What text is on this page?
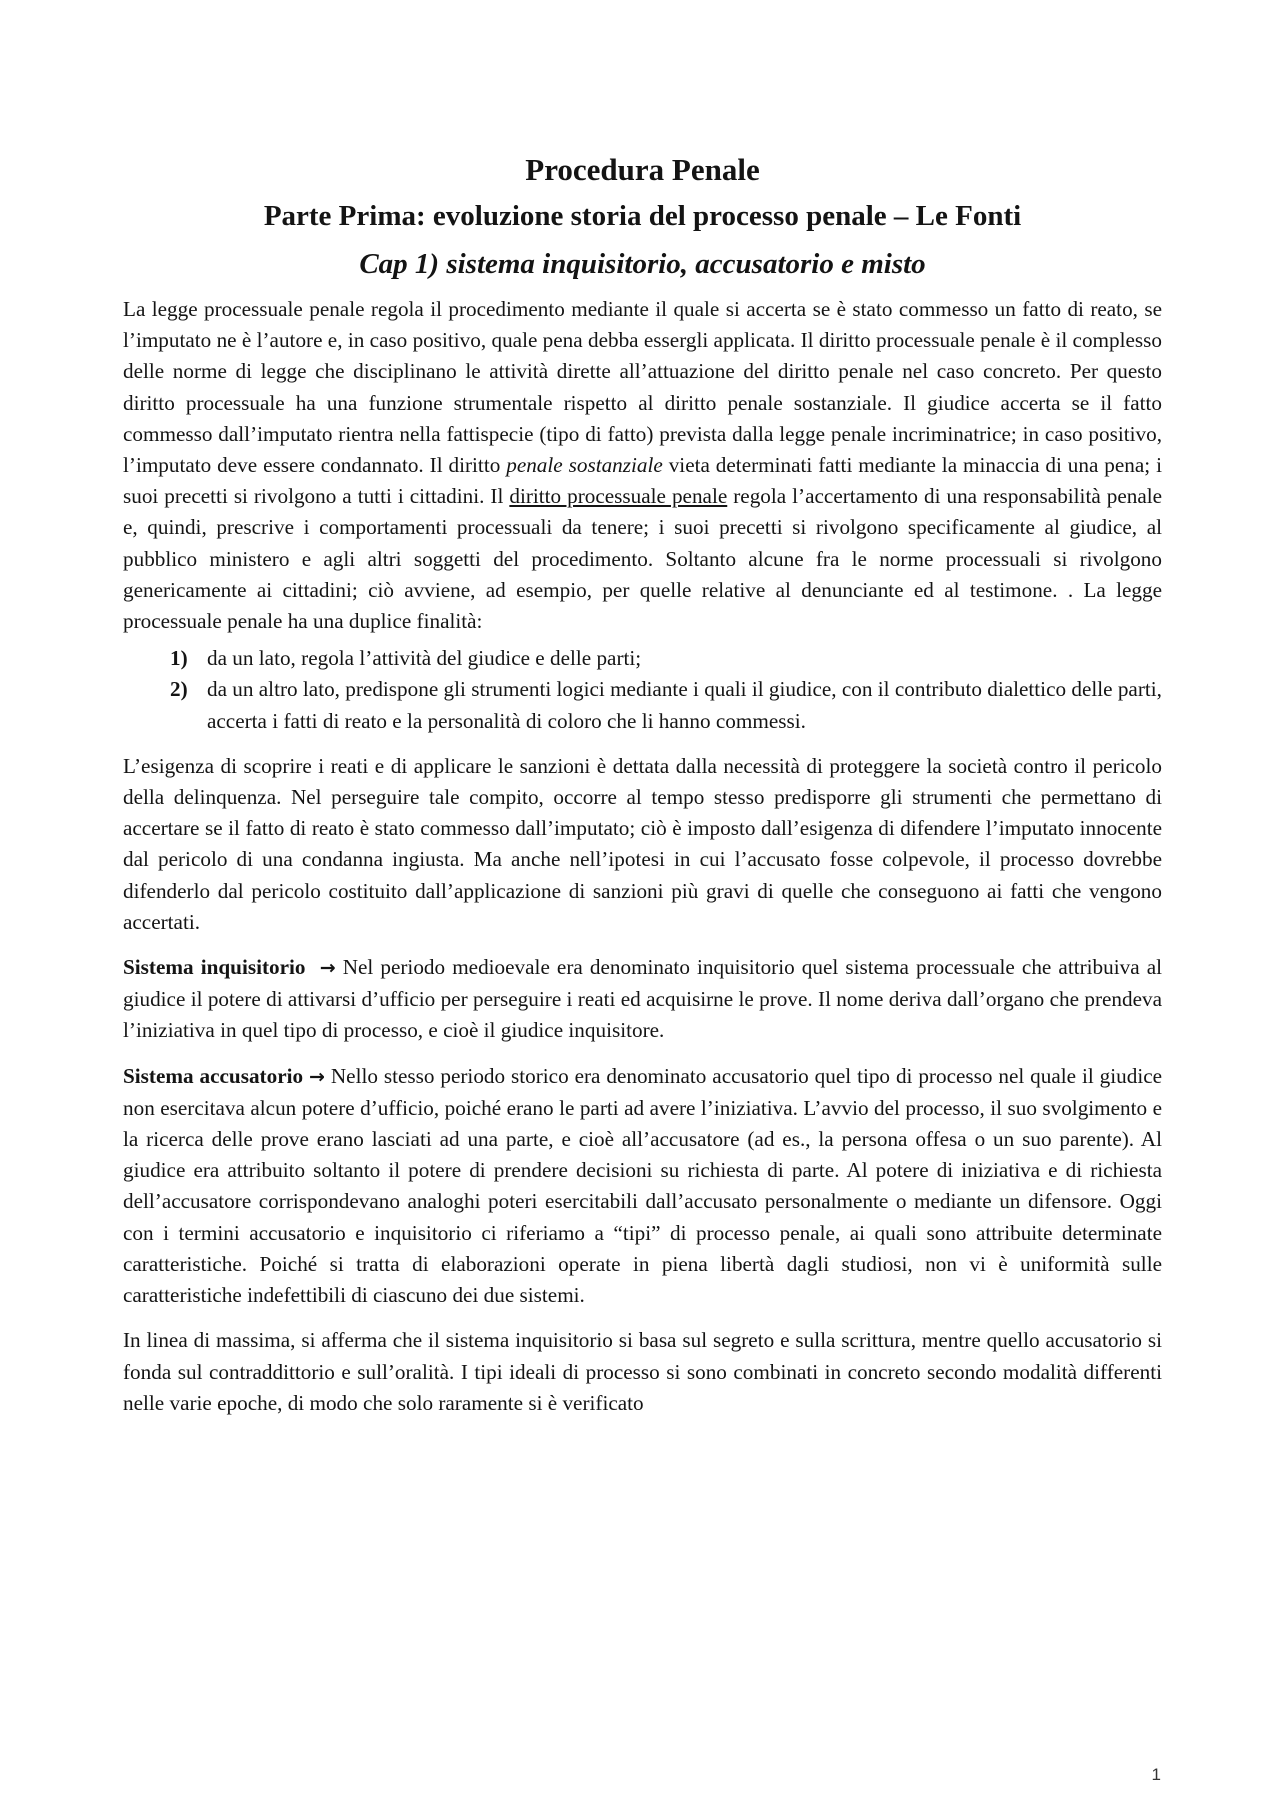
Procedura Penale
Parte Prima: evoluzione storia del processo penale – Le Fonti
Cap 1) sistema inquisitorio, accusatorio e misto

La legge processuale penale regola il procedimento mediante il quale si accerta se è stato commesso un fatto di reato, se l’imputato ne è l’autore e, in caso positivo, quale pena debba essergli applicata. Il diritto processuale penale è il complesso delle norme di legge che disciplinano le attività dirette all’attuazione del diritto penale nel caso concreto. Per questo diritto processuale ha una funzione strumentale rispetto al diritto penale sostanziale. Il giudice accerta se il fatto commesso dall’imputato rientra nella fattispecie (tipo di fatto) prevista dalla legge penale incriminatrice; in caso positivo, l’imputato deve essere condannato. Il diritto penale sostanziale vieta determinati fatti mediante la minaccia di una pena; i suoi precetti si rivolgono a tutti i cittadini. Il diritto processuale penale regola l’accertamento di una responsabilità penale e, quindi, prescrive i comportamenti processuali da tenere; i suoi precetti si rivolgono specificamente al giudice, al pubblico ministero e agli altri soggetti del procedimento. Soltanto alcune fra le norme processuali si rivolgono genericamente ai cittadini; ciò avviene, ad esempio, per quelle relative al denunciante ed al testimone. . La legge processuale penale ha una duplice finalità:

1) da un lato, regola l’attività del giudice e delle parti;
2) da un altro lato, predispone gli strumenti logici mediante i quali il giudice, con il contributo dialettico delle parti, accerta i fatti di reato e la personalità di coloro che li hanno commessi.

L’esigenza di scoprire i reati e di applicare le sanzioni è dettata dalla necessità di proteggere la società contro il pericolo della delinquenza. Nel perseguire tale compito, occorre al tempo stesso predisporre gli strumenti che permettano di accertare se il fatto di reato è stato commesso dall’imputato; ciò è imposto dall’esigenza di difendere l’imputato innocente dal pericolo di una condanna ingiusta. Ma anche nell’ipotesi in cui l’accusato fosse colpevole, il processo dovrebbe difenderlo dal pericolo costituito dall’applicazione di sanzioni più gravi di quelle che conseguono ai fatti che vengono accertati.

Sistema inquisitorio → Nel periodo medioevale era denominato inquisitorio quel sistema processuale che attribuiva al giudice il potere di attivarsi d’ufficio per perseguire i reati ed acquisirne le prove. Il nome deriva dall’organo che prendeva l’iniziativa in quel tipo di processo, e cioè il giudice inquisitore.

Sistema accusatorio → Nello stesso periodo storico era denominato accusatorio quel tipo di processo nel quale il giudice non esercitava alcun potere d’ufficio, poiché erano le parti ad avere l’iniziativa. L’avvio del processo, il suo svolgimento e la ricerca delle prove erano lasciati ad una parte, e cioè all’accusatore (ad es., la persona offesa o un suo parente). Al giudice era attribuito soltanto il potere di prendere decisioni su richiesta di parte. Al potere di iniziativa e di richiesta dell’accusatore corrispondevano analoghi poteri esercitabili dall’accusato personalmente o mediante un difensore. Oggi con i termini accusatorio e inquisitorio ci riferiamo a “tipi” di processo penale, ai quali sono attribuite determinate caratteristiche. Poiché si tratta di elaborazioni operate in piena libertà dagli studiosi, non vi è uniformità sulle caratteristiche indefettibili di ciascuno dei due sistemi.

In linea di massima, si afferma che il sistema inquisitorio si basa sul segreto e sulla scrittura, mentre quello accusatorio si fonda sul contraddittorio e sull’oralità. I tipi ideali di processo si sono combinati in concreto secondo modalità differenti nelle varie epoche, di modo che solo raramente si è verificato

1
